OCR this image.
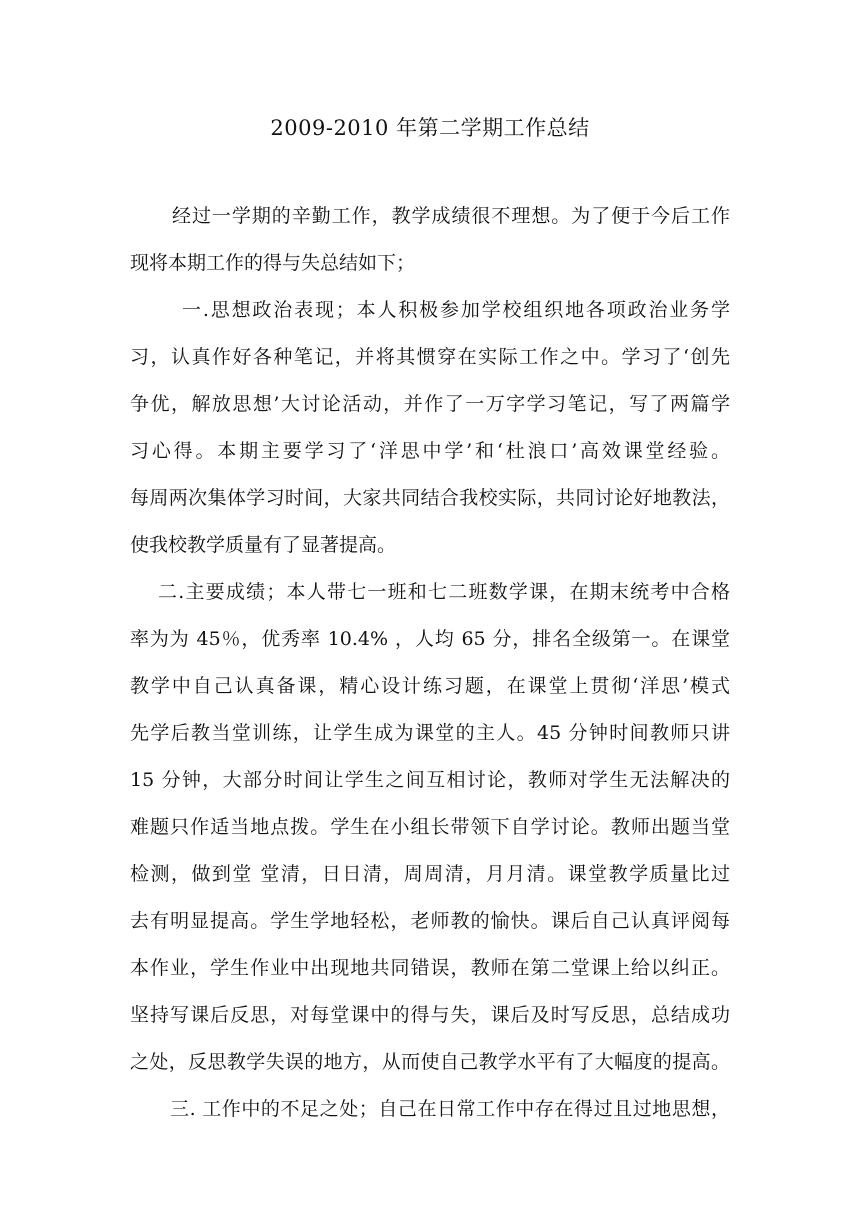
2009-2010 年第二学期工作总结
经过一学期的辛勤工作，教学成绩很不理想。为了便于今后工作
现将本期工作的得与失总结如下；
一.思想政治表现；本人积极参加学校组织地各项政治业务学
习，认真作好各种笔记，并将其惯穿在实际工作之中。学习了‘创先
争优，解放思想’大讨论活动，并作了一万字学习笔记，写了两篇学
习心得。本期主要学习了‘洋思中学’和‘杜浪口’高效课堂经验。
每周两次集体学习时间，大家共同结合我校实际，共同讨论好地教法，
使我校教学质量有了显著提高。
二.主要成绩；本人带七一班和七二班数学课，在期末统考中合格
率为为 45％，优秀率 10.4% ，人均 65 分，排名全级第一。在课堂
教学中自己认真备课，精心设计练习题，在课堂上贯彻‘洋思’模式
先学后教当堂训练，让学生成为课堂的主人。45 分钟时间教师只讲
15 分钟，大部分时间让学生之间互相讨论，教师对学生无法解决的
难题只作适当地点拨。学生在小组长带领下自学讨论。教师出题当堂
检测，做到堂 堂清，日日清，周周清，月月清。课堂教学质量比过
去有明显提高。学生学地轻松，老师教的愉快。课后自己认真评阅每
本作业，学生作业中出现地共同错误，教师在第二堂课上给以纠正。
坚持写课后反思，对每堂课中的得与失，课后及时写反思，总结成功
之处，反思教学失误的地方，从而使自己教学水平有了大幅度的提高。
三. 工作中的不足之处；自己在日常工作中存在得过且过地思想，
